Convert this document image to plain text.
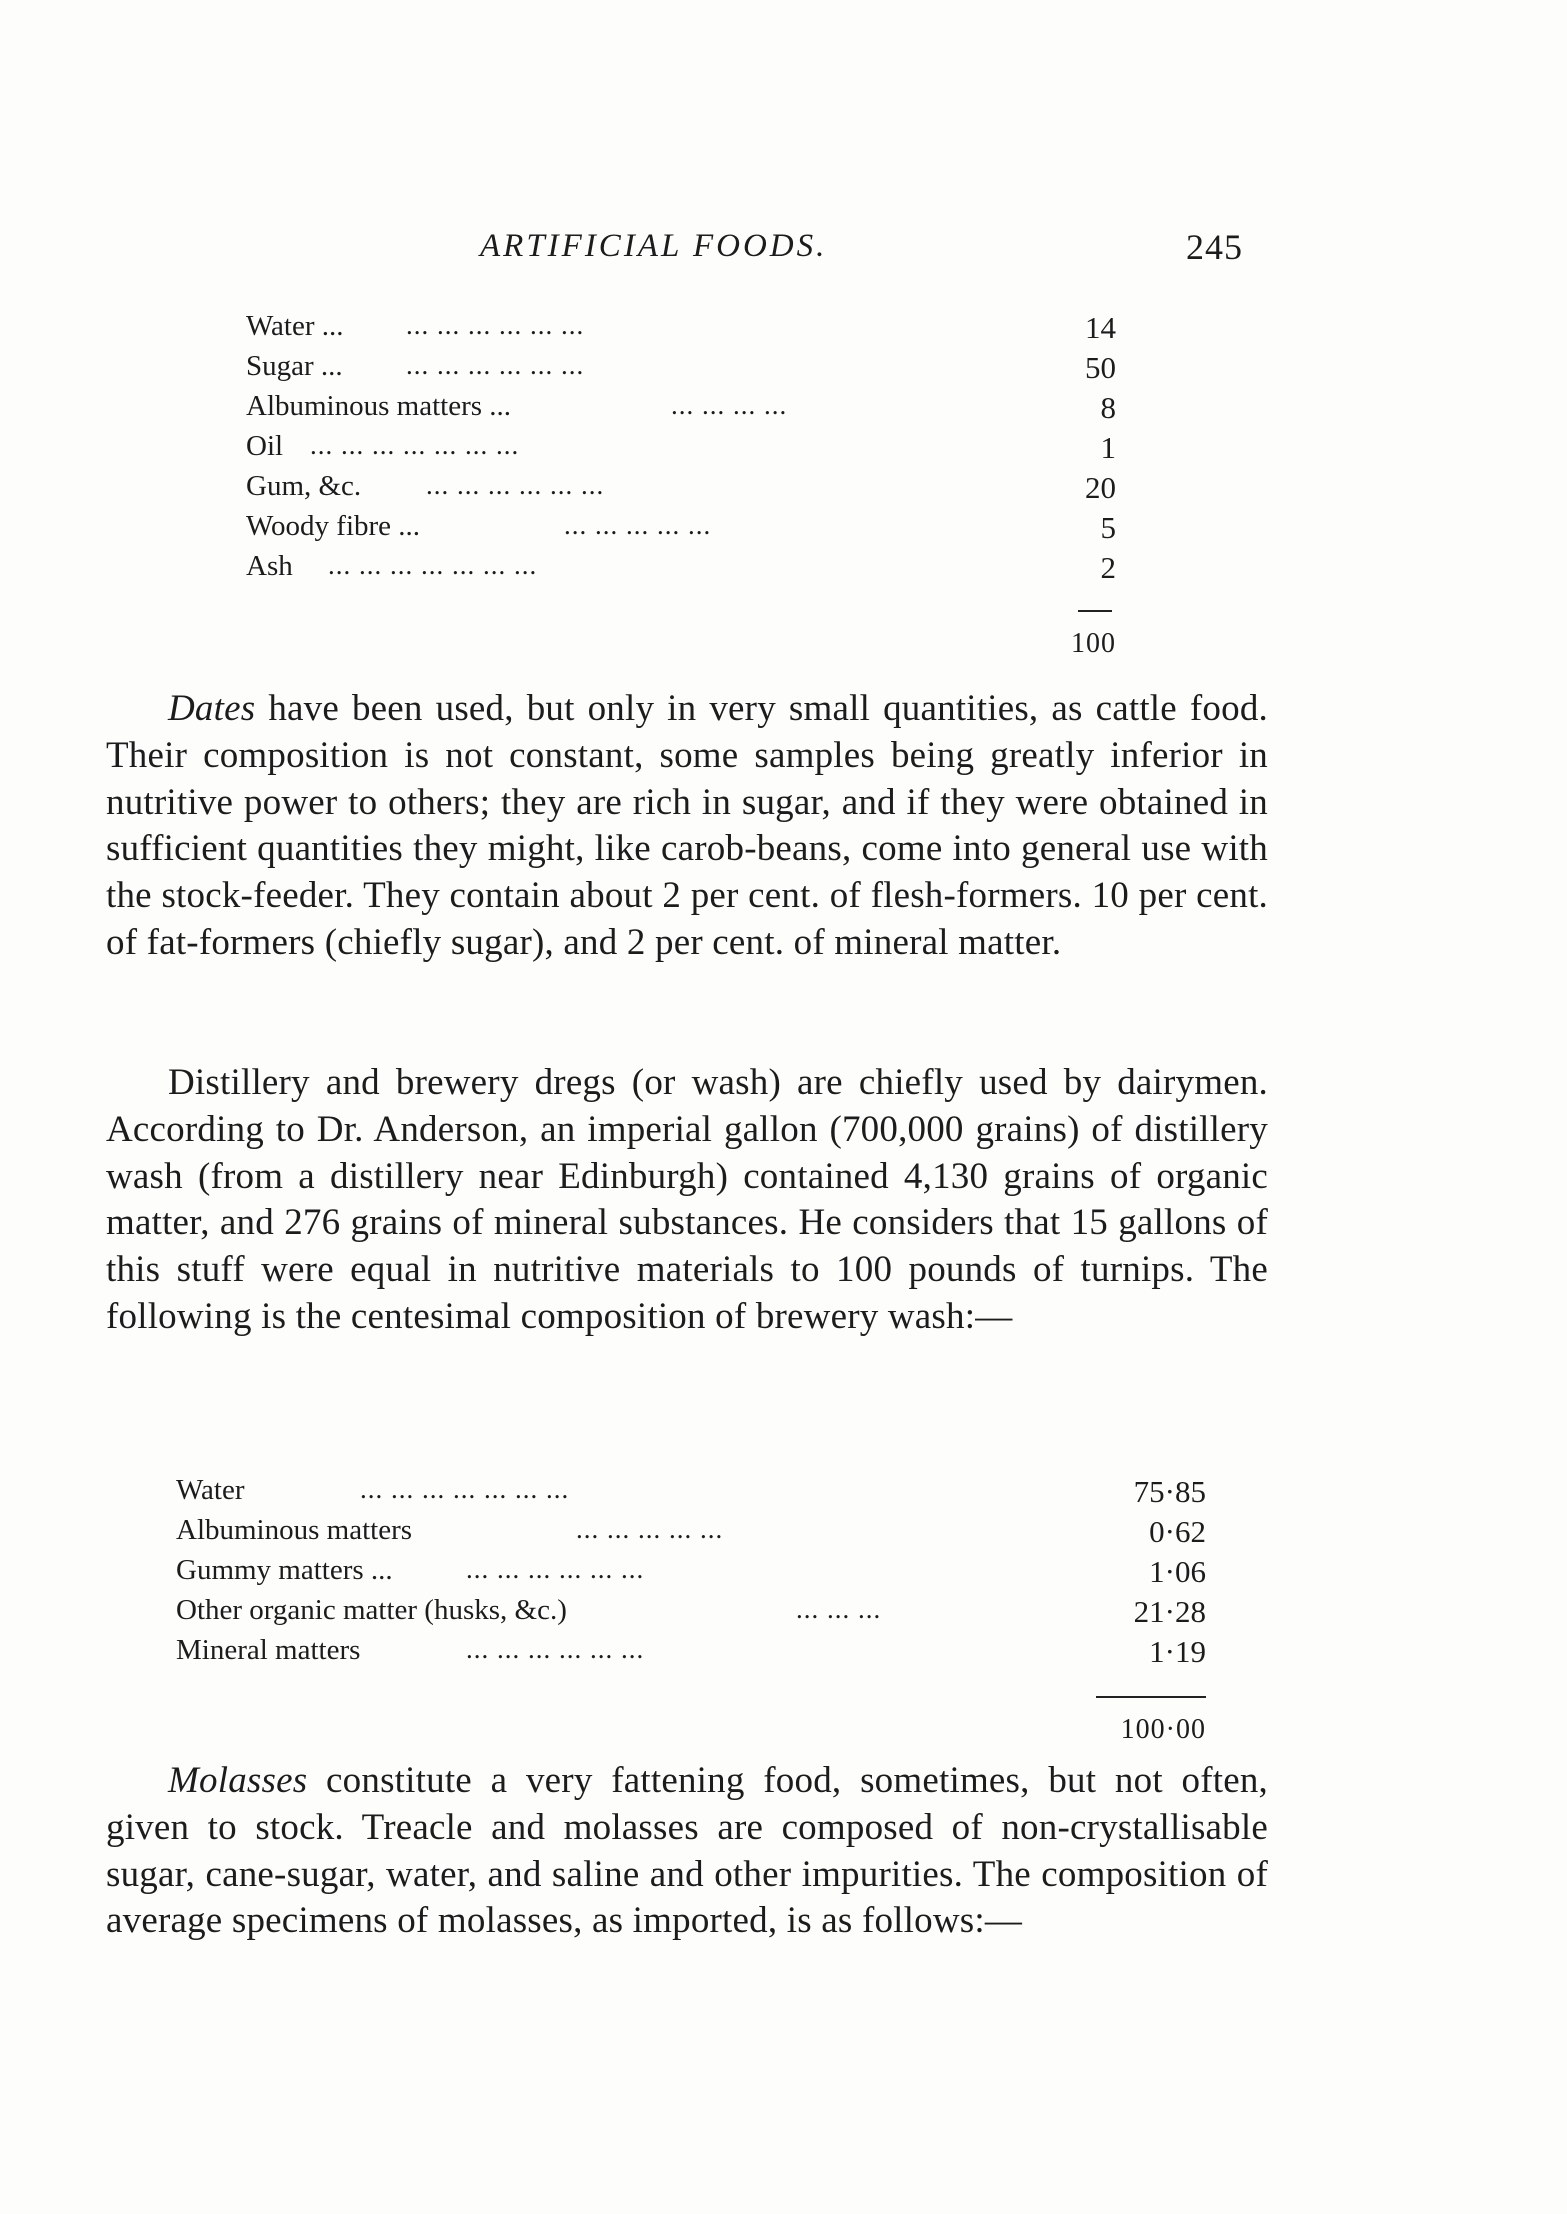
ARTIFICIAL FOODS.	245
Water ... ... ... ... ... ... ...	14
Sugar ... ... ... ... ... ... ...	50
Albuminous matters ...	... ... ... ...	8
Oil ... ... ... ... ... ... ...	1
Gum, &c. ... ... ... ... ... ...	20
Woody fibre ...	... ... ... ... ...	5
Ash ... ... ... ... ... ... ...	2
100
Dates have been used, but only in very small quantities, as cattle food. Their composition is not constant, some samples being greatly inferior in nutritive power to others; they are rich in sugar, and if they were obtained in sufficient quantities they might, like carob-beans, come into general use with the stock-feeder. They contain about 2 per cent. of flesh-formers. 10 per cent. of fat-formers (chiefly sugar), and 2 per cent. of mineral matter.
Distillery and brewery dregs (or wash) are chiefly used by dairymen. According to Dr. Anderson, an imperial gallon (700,000 grains) of distillery wash (from a distillery near Edinburgh) contained 4,130 grains of organic matter, and 276 grains of mineral substances. He considers that 15 gallons of this stuff were equal in nutritive materials to 100 pounds of turnips. The following is the centesimal composition of brewery wash:—
Water	... ... ... ... ... ... ...	75·85
Albuminous matters	... ... ... ... ...	0·62
Gummy matters ...	... ... ... ... ... ...	1·06
Other organic matter (husks, &c.)	... ... ...	21·28
Mineral matters	... ... ... ... ... ...	1·19
100·00
Molasses constitute a very fattening food, sometimes, but not often, given to stock. Treacle and molasses are composed of non-crystallisable sugar, cane-sugar, water, and saline and other impurities. The composition of average specimens of molasses, as imported, is as follows:—
